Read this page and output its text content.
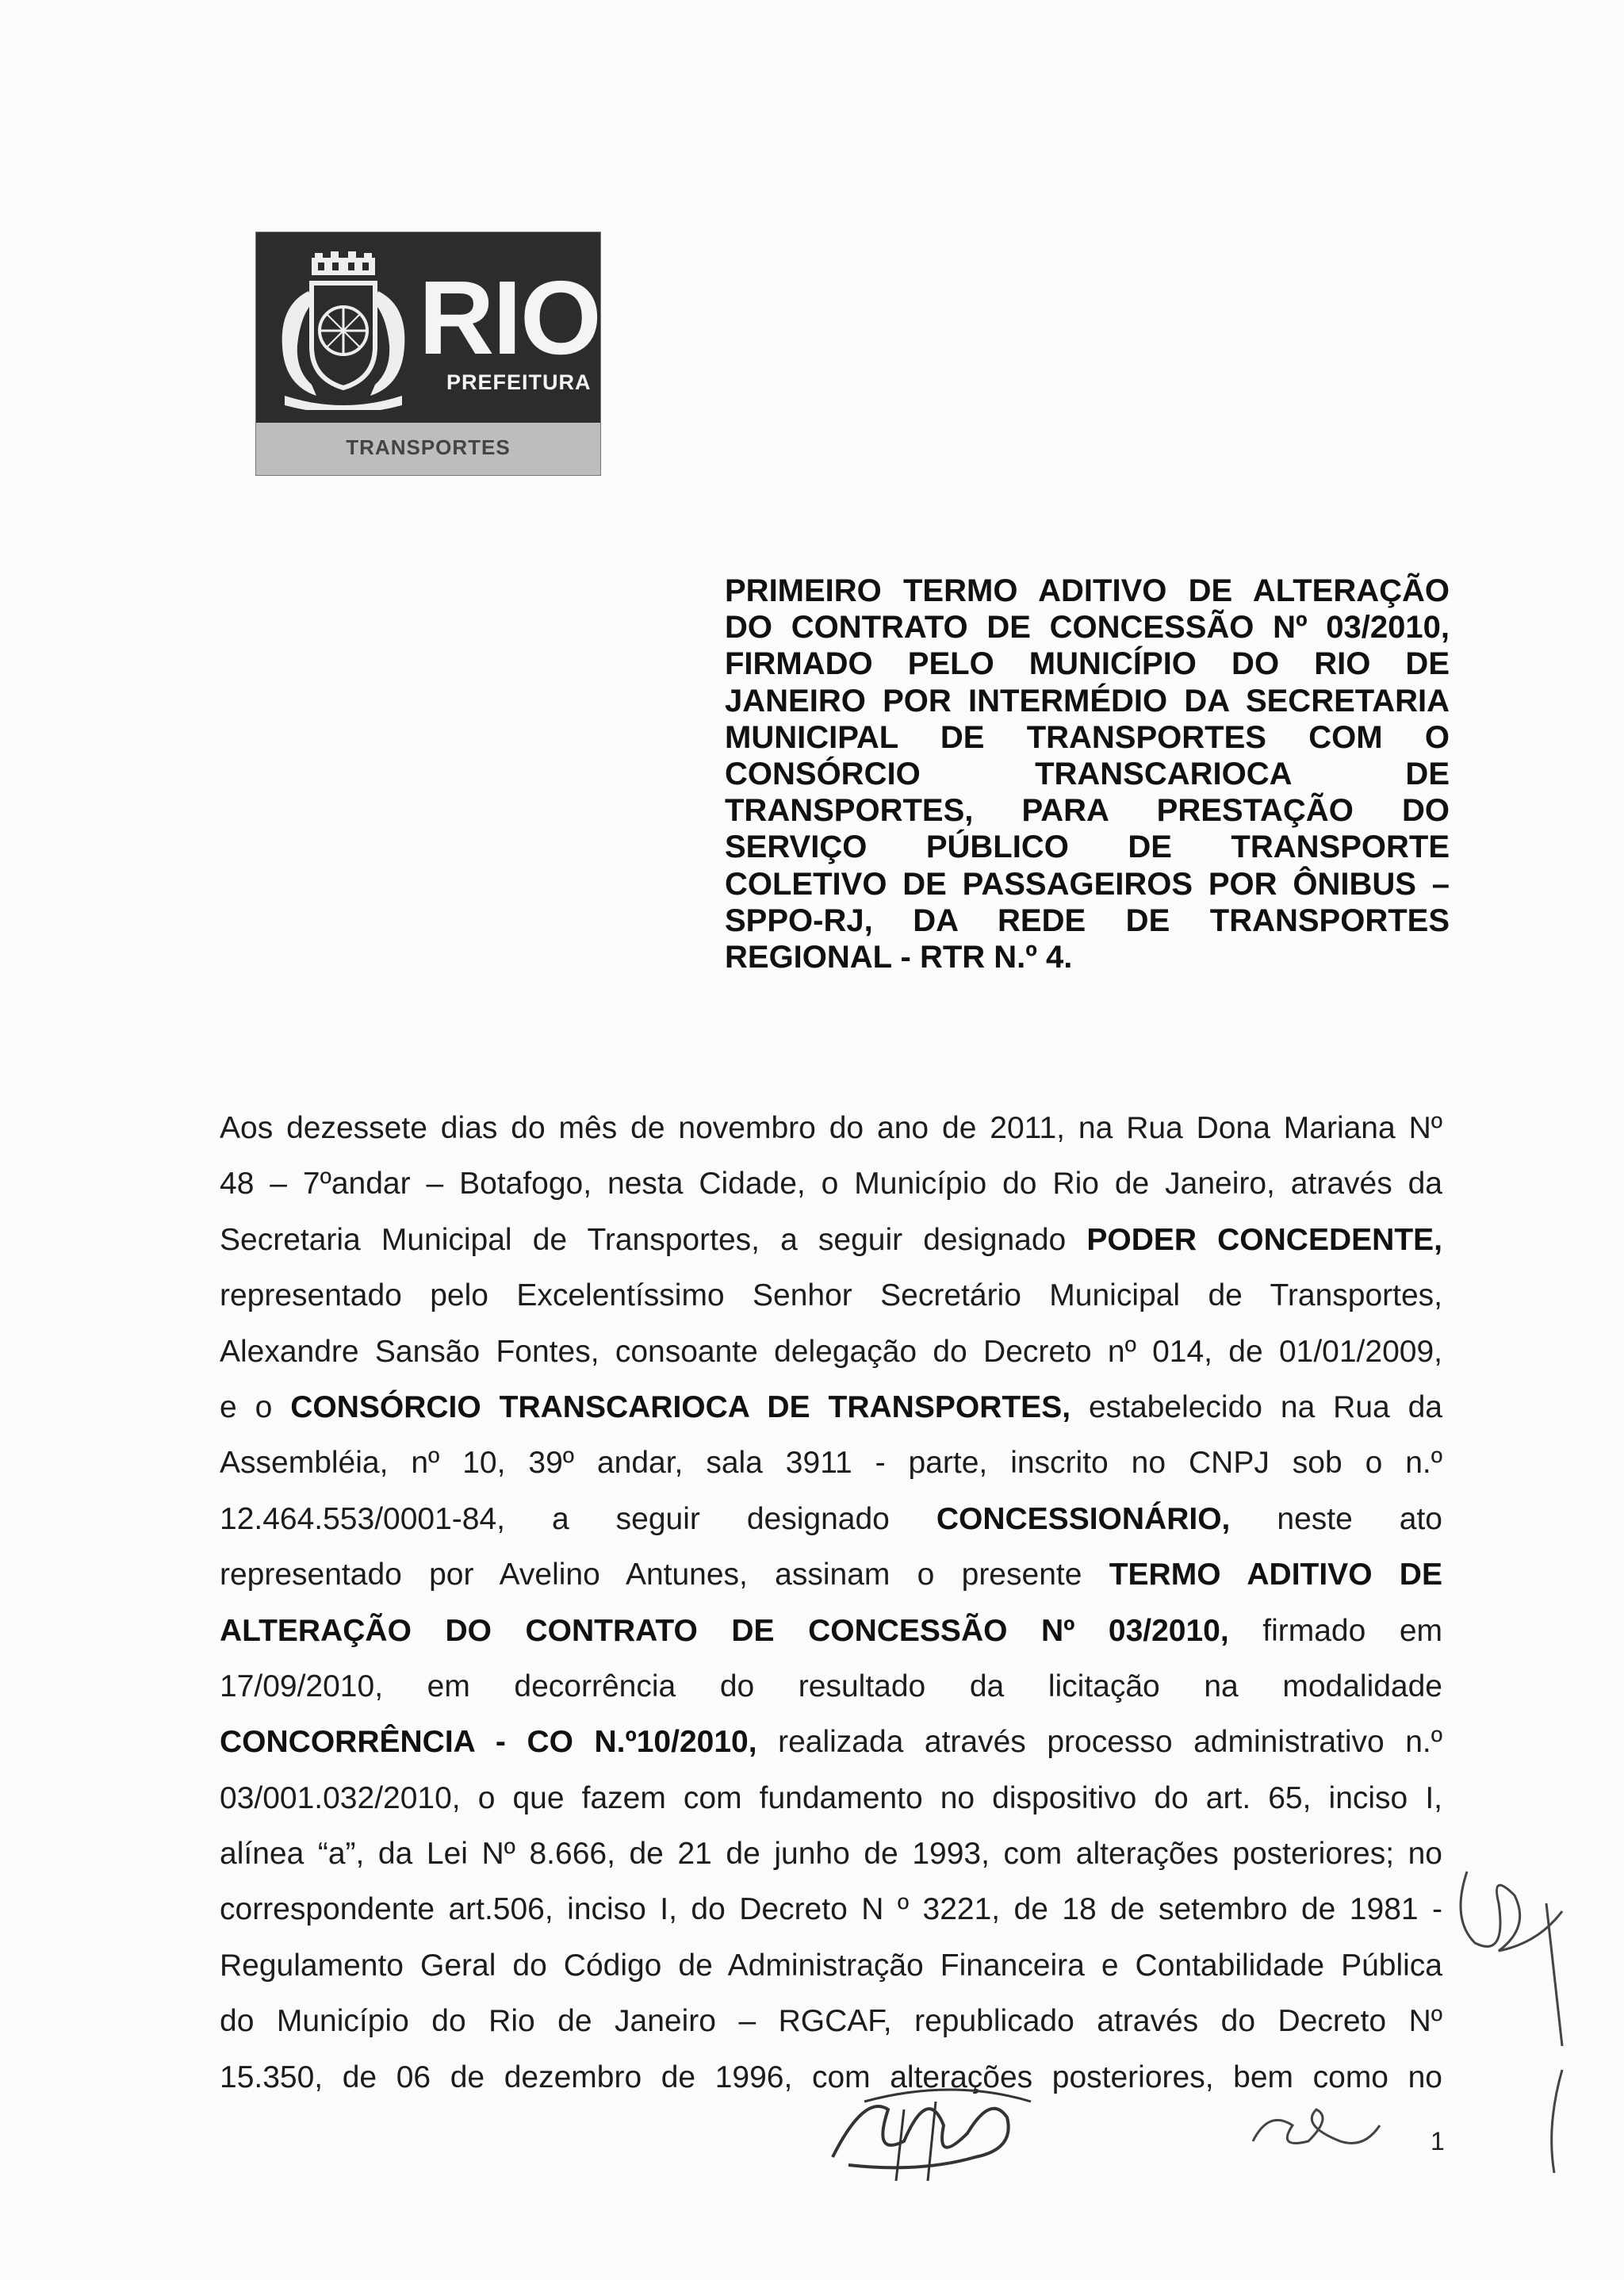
RIO
PREFEITURA
TRANSPORTES
PRIMEIRO TERMO ADITIVO DE ALTERAÇÃO
DO CONTRATO DE CONCESSÃO Nº 03/2010,
FIRMADO PELO MUNICÍPIO DO RIO DE
JANEIRO POR INTERMÉDIO DA SECRETARIA
MUNICIPAL DE TRANSPORTES COM O
CONSÓRCIO TRANSCARIOCA DE
TRANSPORTES, PARA PRESTAÇÃO DO
SERVIÇO PÚBLICO DE TRANSPORTE
COLETIVO DE PASSAGEIROS POR ÔNIBUS –
SPPO-RJ, DA REDE DE TRANSPORTES
REGIONAL - RTR N.º 4.
Aos dezessete dias do mês de novembro do ano de 2011, na Rua Dona Mariana Nº
48 – 7ºandar – Botafogo, nesta Cidade, o Município do Rio de Janeiro, através da
Secretaria Municipal de Transportes, a seguir designado PODER CONCEDENTE,
representado pelo Excelentíssimo Senhor Secretário Municipal de Transportes,
Alexandre Sansão Fontes, consoante delegação do Decreto nº 014, de 01/01/2009,
e o CONSÓRCIO TRANSCARIOCA DE TRANSPORTES, estabelecido na Rua da
Assembléia, nº 10, 39º andar, sala 3911 - parte, inscrito no CNPJ sob o n.º
12.464.553/0001-84, a seguir designado CONCESSIONÁRIO, neste ato
representado por Avelino Antunes, assinam o presente TERMO ADITIVO DE
ALTERAÇÃO DO CONTRATO DE CONCESSÃO Nº 03/2010, firmado em
17/09/2010, em decorrência do resultado da licitação na modalidade
CONCORRÊNCIA - CO N.º10/2010, realizada através processo administrativo n.º
03/001.032/2010, o que fazem com fundamento no dispositivo do art. 65, inciso I,
alínea “a”, da Lei Nº 8.666, de 21 de junho de 1993, com alterações posteriores; no
correspondente art.506, inciso I, do Decreto N º 3221, de 18 de setembro de 1981 -
Regulamento Geral do Código de Administração Financeira e Contabilidade Pública
do Município do Rio de Janeiro – RGCAF, republicado através do Decreto Nº
15.350, de 06 de dezembro de 1996, com alterações posteriores, bem como no
1
